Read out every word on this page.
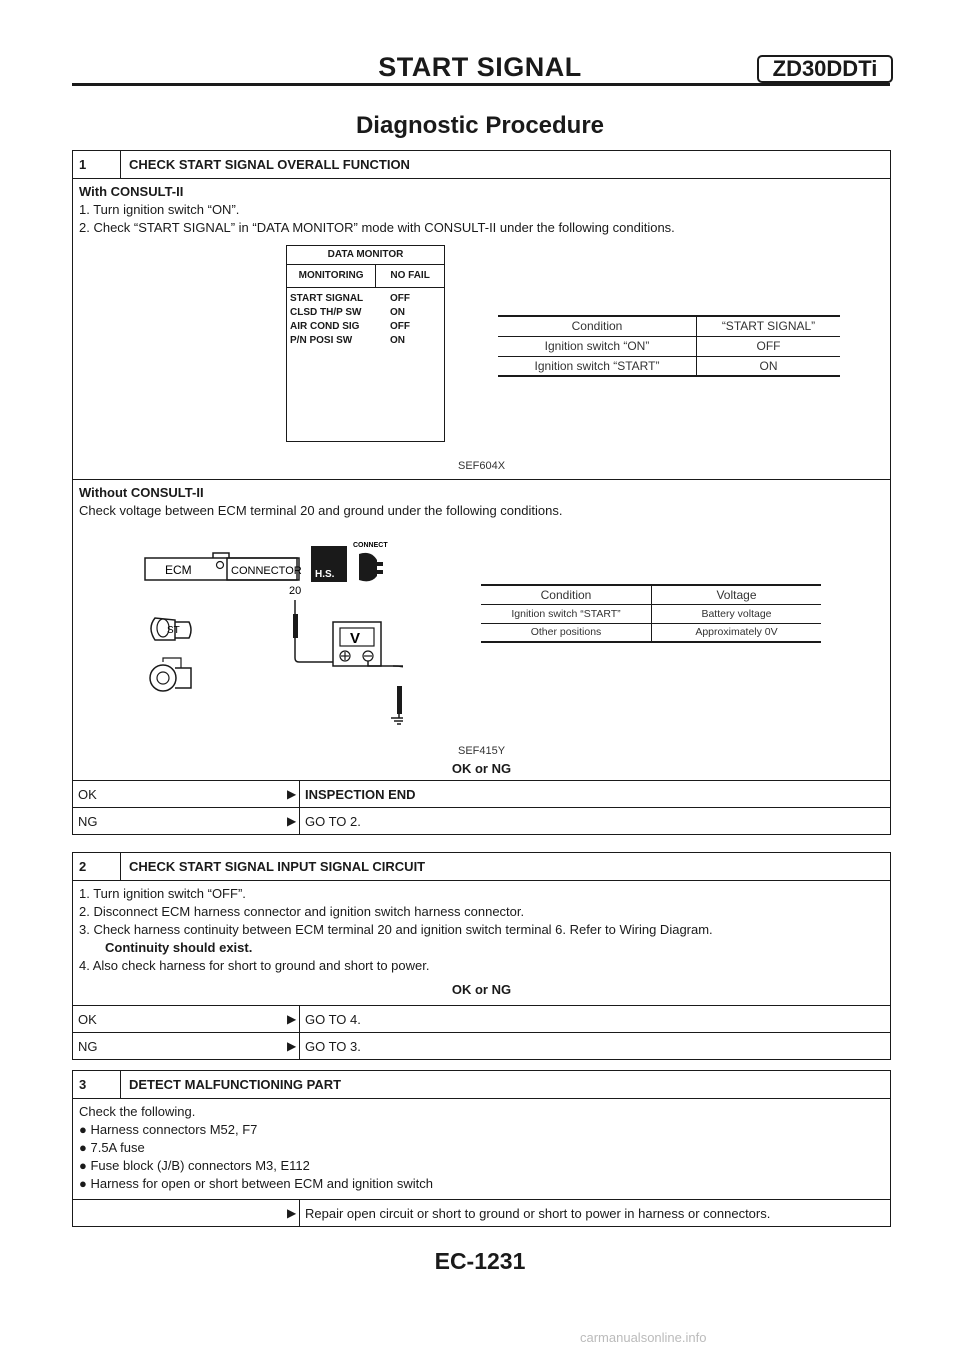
START SIGNAL	ZD30DDTi
Diagnostic Procedure
1	CHECK START SIGNAL OVERALL FUNCTION
With CONSULT-II
1. Turn ignition switch “ON”.
2. Check “START SIGNAL” in “DATA MONITOR” mode with CONSULT-II under the following conditions.
DATA MONITOR
MONITORING	NO FAIL
START SIGNAL	OFF
CLSD TH/P SW	ON
AIR COND SIG	OFF
P/N POSI SW	ON
Condition	“START SIGNAL”
Ignition switch “ON”	OFF
Ignition switch “START”	ON
SEF604X
Without CONSULT-II
Check voltage between ECM terminal 20 and ground under the following conditions.
ECM	CONNECTOR H.S.
CONNECT
20
V
ST
Condition	Voltage
Ignition switch “START”	Battery voltage
Other positions	Approximately 0V
SEF415Y
OK or NG
OK	▶ INSPECTION END
NG	▶ GO TO 2.
2	CHECK START SIGNAL INPUT SIGNAL CIRCUIT
1. Turn ignition switch “OFF”.
2. Disconnect ECM harness connector and ignition switch harness connector.
3. Check harness continuity between ECM terminal 20 and ignition switch terminal 6. Refer to Wiring Diagram.
Continuity should exist.
4. Also check harness for short to ground and short to power.
OK or NG
OK	▶ GO TO 4.
NG	▶ GO TO 3.
3	DETECT MALFUNCTIONING PART
Check the following.
● Harness connectors M52, F7
● 7.5A fuse
● Fuse block (J/B) connectors M3, E112
● Harness for open or short between ECM and ignition switch
▶ Repair open circuit or short to ground or short to power in harness or connectors.
EC-1231
carmanualsonline.info
